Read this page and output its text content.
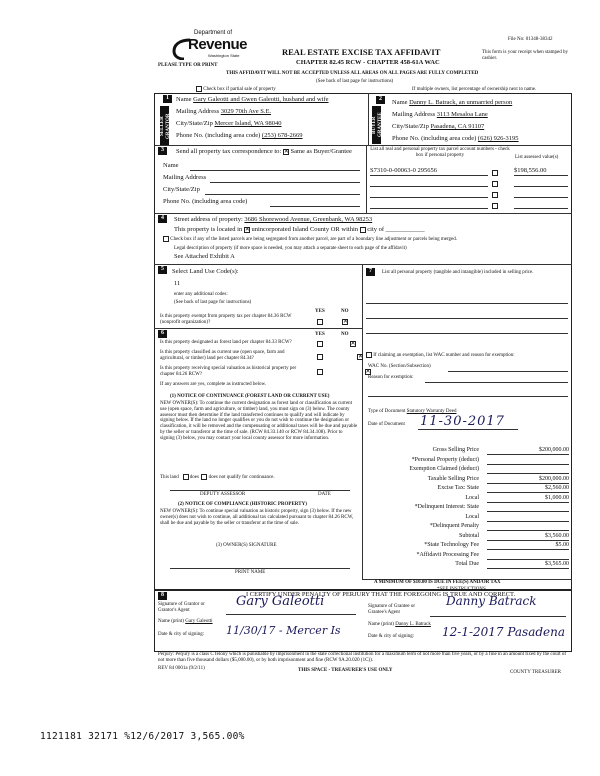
Department of
Revenue
Washington State
PLEASE TYPE OR PRINT
File No: 01348-38342
REAL ESTATE EXCISE TAX AFFIDAVIT
CHAPTER 82.45 RCW - CHAPTER 458-61A WAC
This form is your receipt when stamped by cashier.
THIS AFFIDAVIT WILL NOT BE ACCEPTED UNLESS ALL AREAS ON ALL PAGES ARE FULLY COMPLETED
(See back of last page for instructions)
Check box if partial sale of property	If multiple owners, list percentage of ownership next to name.
1
SELLER GRANTOR
Name Gary Galeotti and Gwen Galeotti, husband and wife
Mailing Address 3029 70th Ave S.E.
City/State/Zip Mercer Island, WA 98040
Phone No. (including area code) (253) 678-2669
2
BUYER GRANTEE
Name Danny L. Batrack, an unmarried person
Mailing Address 3113 Mesaloa Lane
City/State/Zip Pasadena, CA 91107
Phone No. (including area code) (626) 926-3195
3	Send all property tax correspondence to: ✕ Same as Buyer/Grantee
Name
Mailing Address
City/State/Zip
Phone No. (including area code)
List all real and personal property tax parcel account numbers - check box if personal property	List assessed value(s)
S7310-0-00063-0 295656	$198,556.00

4	Street address of property: 3686 Shorewood Avenue, Greenbank, WA 98253
This property is located in ✕ unincorporated Island County OR within city of ____________
Check box if any of the listed parcels are being segregated from another parcel, are part of a boundary line adjustment or parcels being merged.
Legal description of property (if more space is needed, you may attach a separate sheet to each page of the affidavit)
See Attached Exhibit A
5	Select Land Use Code(s):
11
enter any additional codes:
(See back of last page for instructions)
YES	NO
Is this property exempt from property tax per chapter 84.36 RCW (nonprofit organization)?
✕
6	YES	NO
Is this property designated as forest land per chapter 84.33 RCW?
✕
Is this property classified as current use (open space, farm and agricultural, or timber) land per chapter 84.34?
✕
Is this property receiving special valuation as historical property per chapter 84.26 RCW?
✕
If any answers are yes, complete as instructed below.
(1) NOTICE OF CONTINUANCE (FOREST LAND OR CURRENT USE)
NEW OWNER(S): To continue the current designation as forest land or classification as current use (open space, farm and agriculture, or timber) land, you must sign on (3) below. The county assessor must then determine if the land transferred continues to qualify and will indicate by signing below. If the land no longer qualifies or you do not wish to continue the designation or classification, it will be removed and the compensating or additional taxes will be due and payable by the seller or transferor at the time of sale. (RCW 84.33.140 or RCW 84.34.108). Prior to signing (3) below, you may contact your local county assessor for more information.
This land does does not qualify for continuance.
DEPUTY ASSESSOR	DATE
(2) NOTICE OF COMPLIANCE (HISTORIC PROPERTY)
NEW OWNER(S): To continue special valuation as historic property, sign (3) below. If the new owner(s) does not wish to continue, all additional tax calculated pursuant to chapter 84.26 RCW, shall be due and payable by the seller or transferor at the time of sale.
(3) OWNER(S) SIGNATURE
PRINT NAME
7	List all personal property (tangible and intangible) included in selling price.
If claiming an exemption, list WAC number and reason for exemption:
WAC No. (Section/Subsection)
Reason for exemption:
Type of Document Statutory Warranty Deed
Date of Document 11-30-2017
Gross Selling Price	$200,000.00
*Personal Property (deduct)
Exemption Claimed (deduct)
Taxable Selling Price	$200,000.00
Excise Tax: State	$2,560.00
Local	$1,000.00
*Delinquent Interest: State
Local
*Delinquent Penalty
Subtotal	$3,560.00
*State Technology Fee	$5.00
*Affidavit Processing Fee
Total Due	$3,565.00
A MINIMUM OF $10.00 IS DUE IN FEE(S) AND/OR TAX
*SEE INSTRUCTIONS
8	I CERTIFY UNDER PENALTY OF PERJURY THAT THE FOREGOING IS TRUE AND CORRECT.
Signature of Grantor or Grantor's Agent
Gary Galeotti
Name (print) Gary Galeotti
Date & city of signing: 11/30/17 - Mercer Is
Signature of Grantee or Grantee's Agent
Danny Batrack
Name (print) Danny L. Batrack
Date & city of signing: 12-1-2017 Pasadena
Perjury: Perjury is a class C felony which is punishable by imprisonment in the state correctional institution for a maximum term of not more than five years, or by a fine in an amount fixed by the court of not more than five thousand dollars ($5,000.00), or by both imprisonment and fine (RCW 9A.20.020 (1C)).
REV 84 0001a (9/2/11)	THIS SPACE - TREASURER'S USE ONLY	COUNTY TREASURER
1121181 32171 %12/6/2017 3,565.00%
